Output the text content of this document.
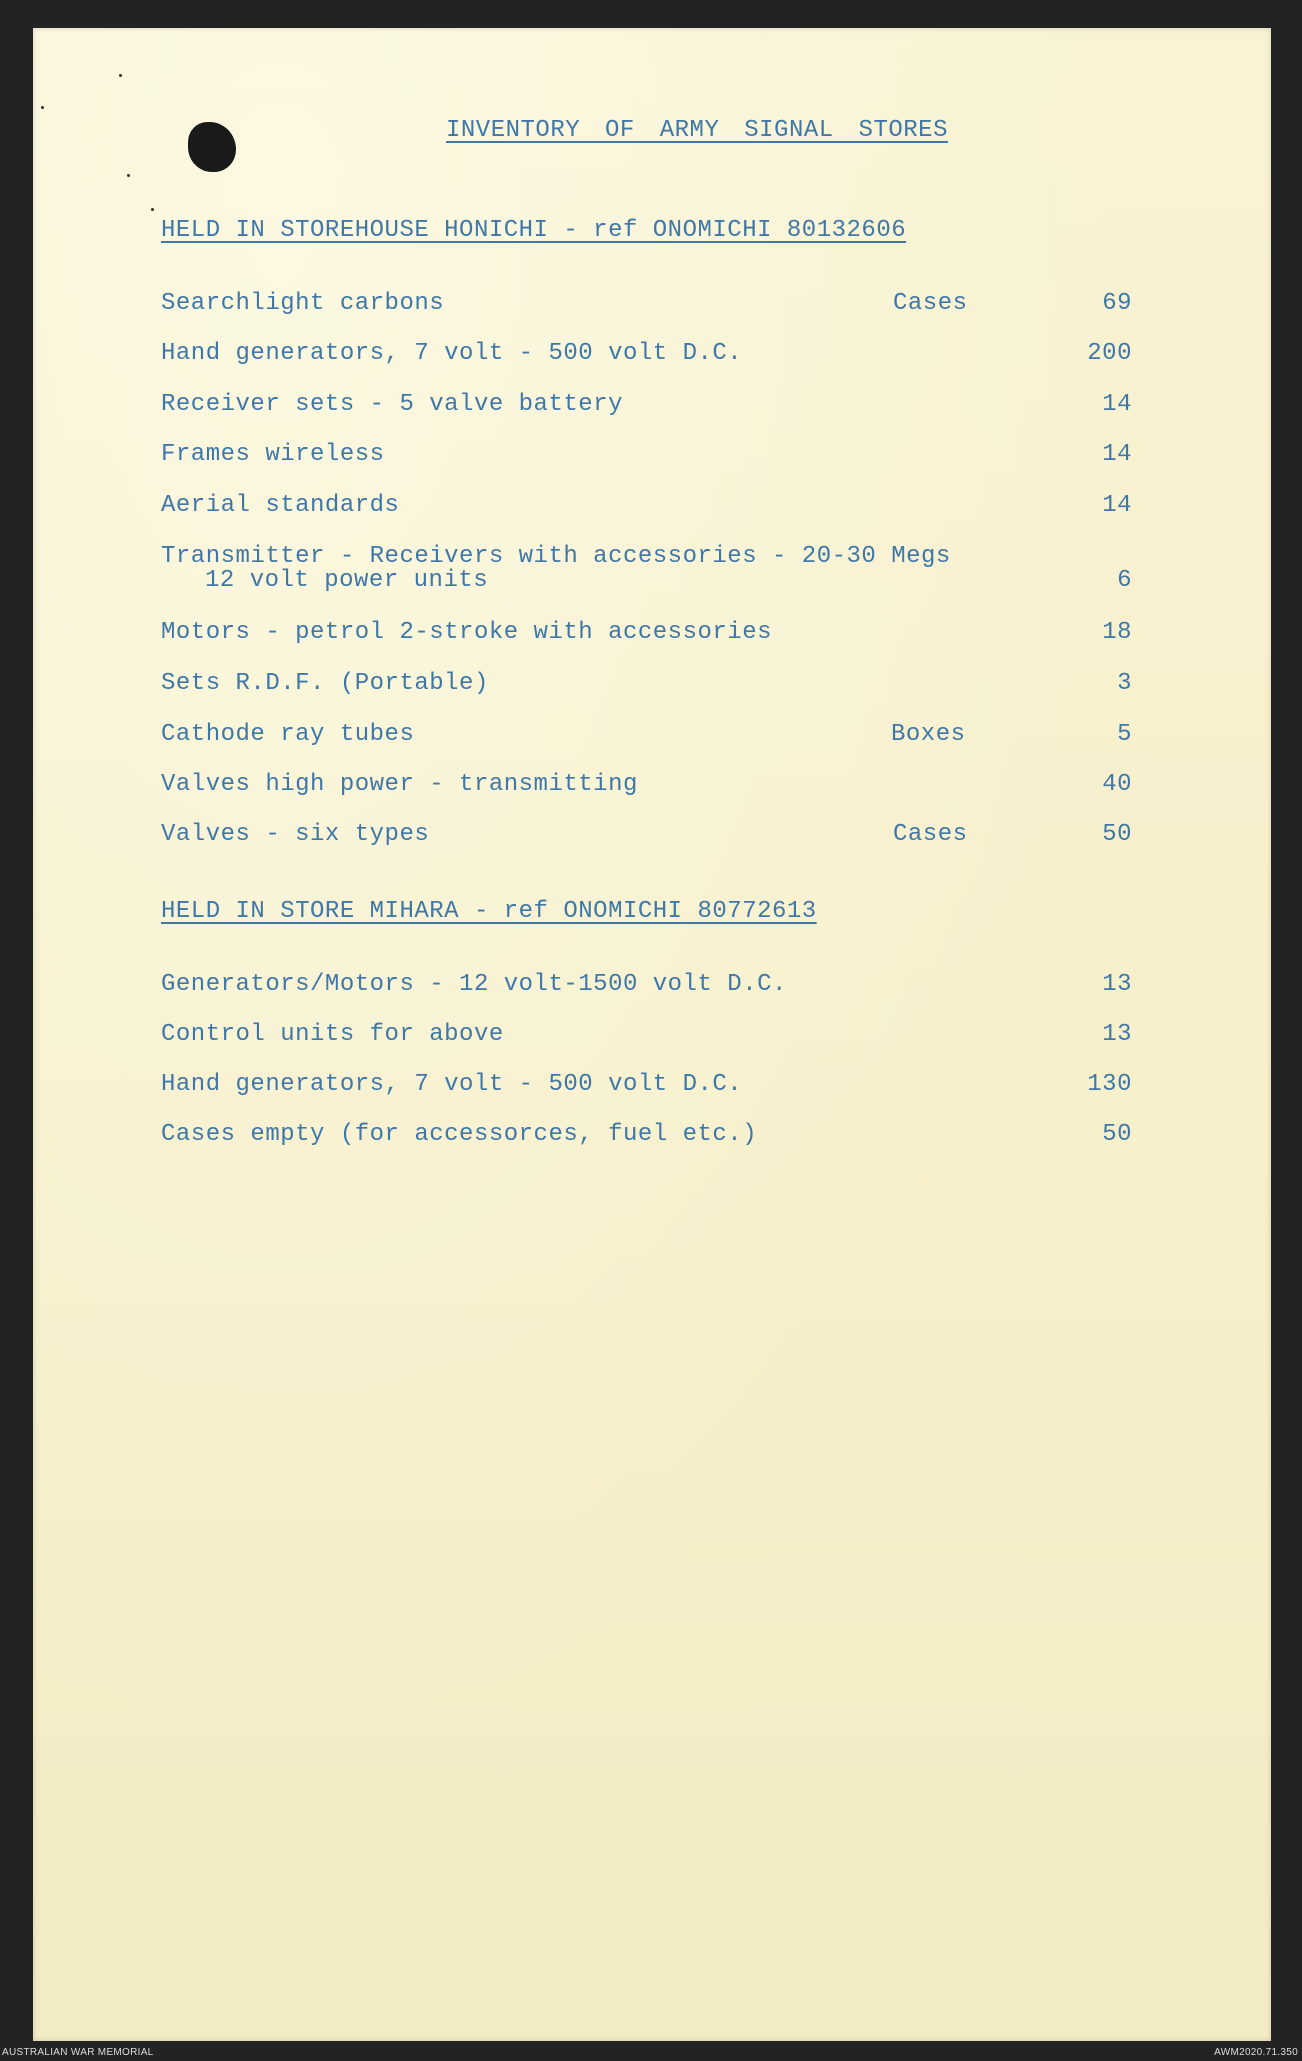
INVENTORY OF ARMY SIGNAL STORES
HELD IN STOREHOUSE HONICHI - ref ONOMICHI 80132606
Searchlight carbons	Cases	69
Hand generators, 7 volt - 500 volt D.C.	200
Receiver sets - 5 valve battery	14
Frames wireless	14
Aerial standards	14
Transmitter - Receivers with accessories - 20-30 Megs
12 volt power units	6
Motors - petrol 2-stroke with accessories	18
Sets R.D.F. (Portable)	3
Cathode ray tubes	Boxes	5
Valves high power - transmitting	40
Valves - six types	Cases	50
HELD IN STORE MIHARA - ref ONOMICHI 80772613
Generators/Motors - 12 volt-1500 volt D.C.	13
Control units for above	13
Hand generators, 7 volt - 500 volt D.C.	130
Cases empty (for accessorces, fuel etc.)	50
AUSTRALIAN WAR MEMORIAL	AWM2020.71.350
